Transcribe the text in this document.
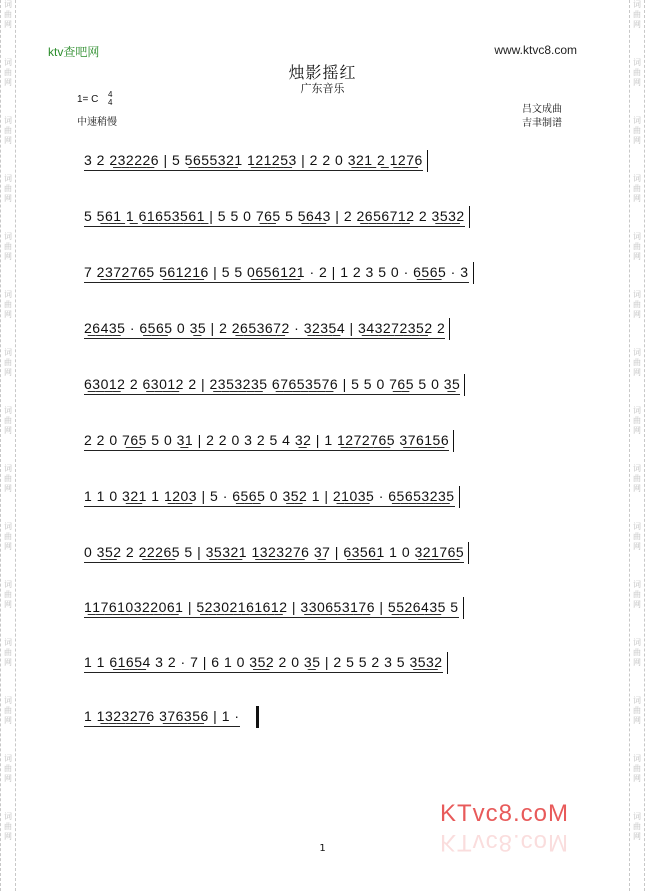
词曲网
词曲网
词曲网
词曲网
词曲网
词曲网
词曲网
词曲网
词曲网
词曲网
词曲网
词曲网
词曲网
词曲网
词曲网
词曲网
词曲网
词曲网
词曲网
词曲网
词曲网
词曲网
词曲网
词曲网
词曲网
词曲网
词曲网
词曲网
词曲网
词曲网
ktv查吧网	www.ktvc8.com
烛影摇红
广东音乐
1= C 4
4
中速稍慢
吕文成曲
吉聿制谱
3 2 2̲3̲2̲2̲2̲6 | 5 5̲6̲5̲5̲3̲2̲1 1̲2̲1̲2̲5̲3 | 2 2 0 3̲2̲1̲ 2̲ 1̲2̲7̲6
5 5̲6̲1̲ 1̲ 6̲1̲6̲5̲3̲5̲6̲1̲ | 5 5 0 7̲6̲5 5 5̲6̲4̲3 | 2 2̲6̲5̲6̲7̲1̲2 2 3̲5̲3̲2
7 2̲3̲7̲2̲7̲6̲5 5̲6̲1̲2̲1̲6 | 5 5 0̲6̲5̲6̲1̲2̲1 · 2 | 1 2 3 5 0 · 6̲5̲6̲5 · 3
2̲6̲4̲3̲5 · 6̲5̲6̲5 0 3̲5 | 2 2̲6̲5̲3̲6̲7̲2 · 3̲2̲3̲5̲4 | 3̲4̲3̲2̲7̲2̲3̲5̲2 2
6̲3̲0̲1̲2 2 6̲3̲0̲1̲2 2 | 2̲3̲5̲3̲2̲3̲5 6̲7̲6̲5̲3̲5̲7̲6 | 5 5 0 7̲6̲5 5 0 3̲5
2 2 0 7̲6̲5 5 0 3̲1 | 2 2 0 3 2 5 4 3̲2 | 1 1̲2̲7̲2̲7̲6̲5 3̲7̲6̲1̲5̲6
1 1 0 3̲2̲1 1 1̲2̲0̲3 | 5 · 6̲5̲6̲5 0 3̲5̲2 1 | 2̲1̲0̲3̲5 · 6̲5̲6̲5̲3̲2̲3̲5
0 3̲5̲2 2 2̲2̲2̲6̲5 5 | 3̲5̲3̲2̲1 1̲3̲2̲3̲2̲7̲6 3̲7 | 6̲3̲5̲6̲1 1 0 3̲2̲1̲7̲6̲5
1̲1̲7̲6̲1̲0̲3̲2̲2̲0̲6̲1 | 5̲2̲3̲0̲2̲1̲6̲1̲6̲1̲2 | 3̲3̲0̲6̲5̲3̲1̲7̲6 | 5̲5̲2̲6̲4̲3̲5 5
1 1 6̲1̲6̲5̲4 3 2 · 7 | 6 1 0 3̲5̲2 2 0 3̲5 | 2 5 5 2 3 5 3̲5̲3̲2
1 1̲3̲2̲3̲2̲7̲6 3̲7̲6̲3̲5̲6 | 1 ·
KTvc8.coM
KTvc8.coM
1
